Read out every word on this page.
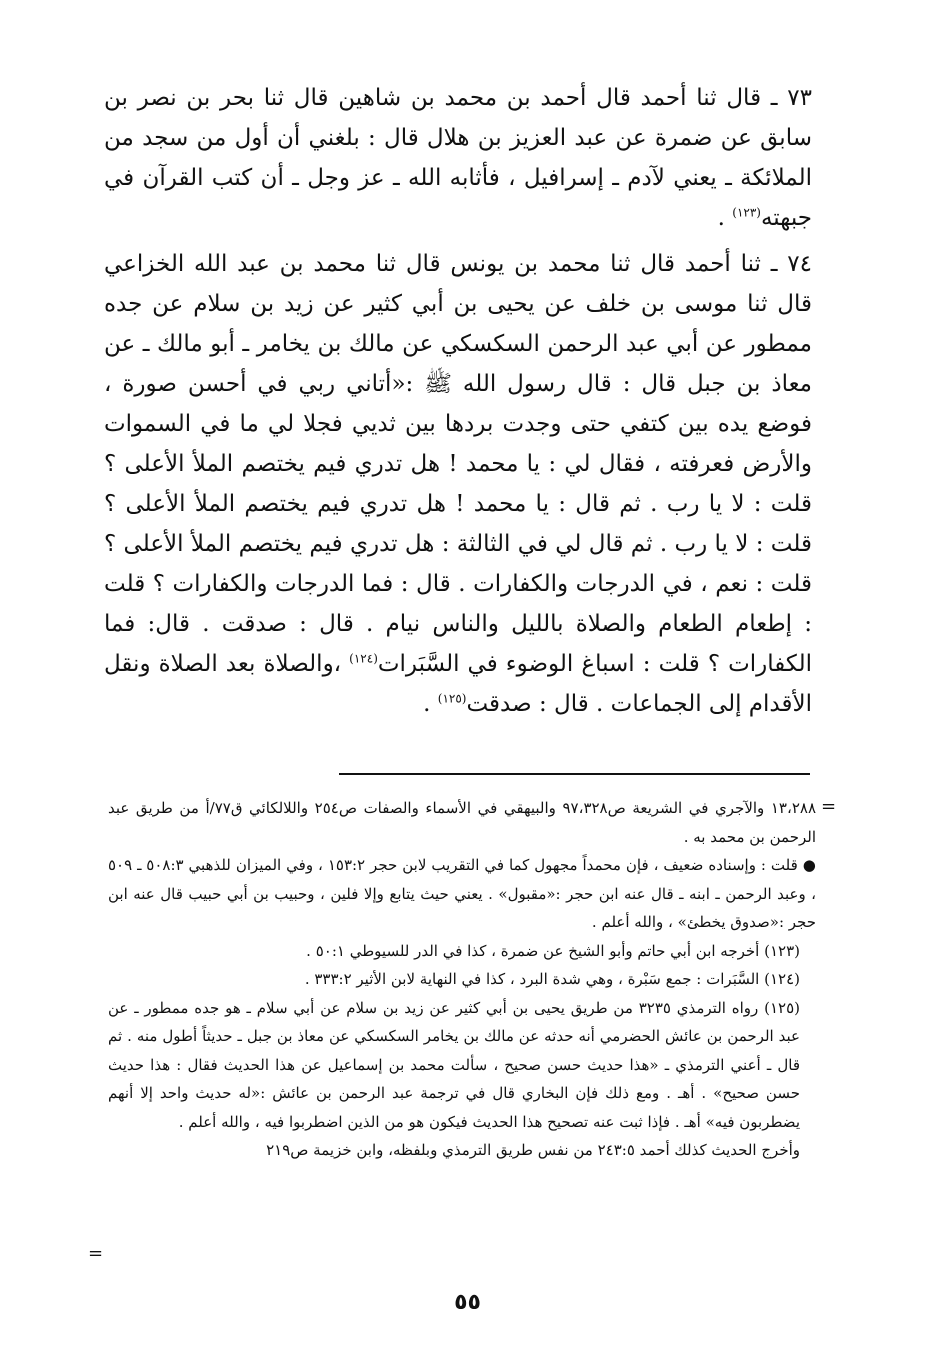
٧٣ ـ قال ثنا أحمد قال أحمد بن محمد بن شاهين قال ثنا بحر بن نصر بن سابق عن ضمرة عن عبد العزيز بن هلال قال : بلغني أن أول من سجد من الملائكة ـ يعني لآدم ـ إسرافيل ، فأثابه الله ـ عز وجل ـ أن كتب القرآن في جبهته$^{(١٢٣)}$ .

٧٤ ـ ثنا أحمد قال ثنا محمد بن يونس قال ثنا محمد بن عبد الله الخزاعي قال ثنا موسى بن خلف عن يحيى بن أبي كثير عن زيد بن سلام عن جده ممطور عن أبي عبد الرحمن السكسكي عن مالك بن يخامر ـ أبو مالك ـ عن معاذ بن جبل قال : قال رسول الله ﷺ :«أتاني ربي في أحسن صورة ، فوضع يده بين كتفي حتى وجدت بردها بين ثديي فجلا لي ما في السموات والأرض فعرفته ، فقال لي : يا محمد ! هل تدري فيم يختصم الملأ الأعلى ؟ قلت : لا يا رب . ثم قال : يا محمد ! هل تدري فيم يختصم الملأ الأعلى ؟ قلت : لا يا رب . ثم قال لي في الثالثة : هل تدري فيم يختصم الملأ الأعلى ؟ قلت : نعم ، في الدرجات والكفارات . قال : فما الدرجات والكفارات ؟ قلت : إطعام الطعام والصلاة بالليل والناس نيام . قال : صدقت . قال: فما الكفارات ؟ قلت : اسباغ الوضوء في السَّبَرات$^{(١٢٤)}$ ،والصلاة بعد الصلاة ونقل الأقدام إلى الجماعات . قال : صدقت$^{(١٢٥)}$ .

=

١٣،٢٨٨ والآجري في الشريعة ص٩٧،٣٢٨ والبيهقي في الأسماء والصفات ص٢٥٤ واللالكائي ق٧٧/أ من طريق عبد الرحمن بن محمد به .

● قلت : وإسناده ضعيف ، فإن محمداً مجهول كما في التقريب لابن حجر ١٥٣:٢ ، وفي الميزان للذهبي ٥٠٨:٣ ـ ٥٠٩ ، وعبد الرحمن ـ ابنه ـ قال عنه ابن حجر :«مقبول» . يعني حيث يتابع وإلا فلين ، وحبيب بن أبي حبيب قال عنه ابن حجر :«صدوق يخطئ» ، والله أعلم .

(١٢٣) أخرجه ابن أبي حاتم وأبو الشيخ عن ضمرة ، كذا في الدر للسيوطي ٥٠:١ .

(١٢٤) السَّبَرات : جمع سَبْرة ، وهي شدة البرد ، كذا في النهاية لابن الأثير ٣٣٣:٢ .

(١٢٥) رواه الترمذي ٣٢٣٥ من طريق يحيى بن أبي كثير عن زيد بن سلام عن أبي سلام ـ هو جده ممطور ـ عن عبد الرحمن بن عائش الحضرمي أنه حدثه عن مالك بن يخامر السكسكي عن معاذ بن جبل ـ حديثاً أطول منه . ثم قال ـ أعني الترمذي ـ «هذا حديث حسن صحيح ، سألت محمد بن إسماعيل عن هذا الحديث فقال : هذا حديث حسن صحيح» . أهـ . ومع ذلك فإن البخاري قال في ترجمة عبد الرحمن بن عائش :«له حديث واحد إلا أنهم يضطربون فيه» أهـ . فإذا ثبت عنه تصحيح هذا الحديث فيكون هو من الذين اضطربوا فيه ، والله أعلم .

وأخرج الحديث كذلك أحمد ٢٤٣:٥ من نفس طريق الترمذي وبلفظه، وابن خزيمة ص٢١٩

=
٥٥
